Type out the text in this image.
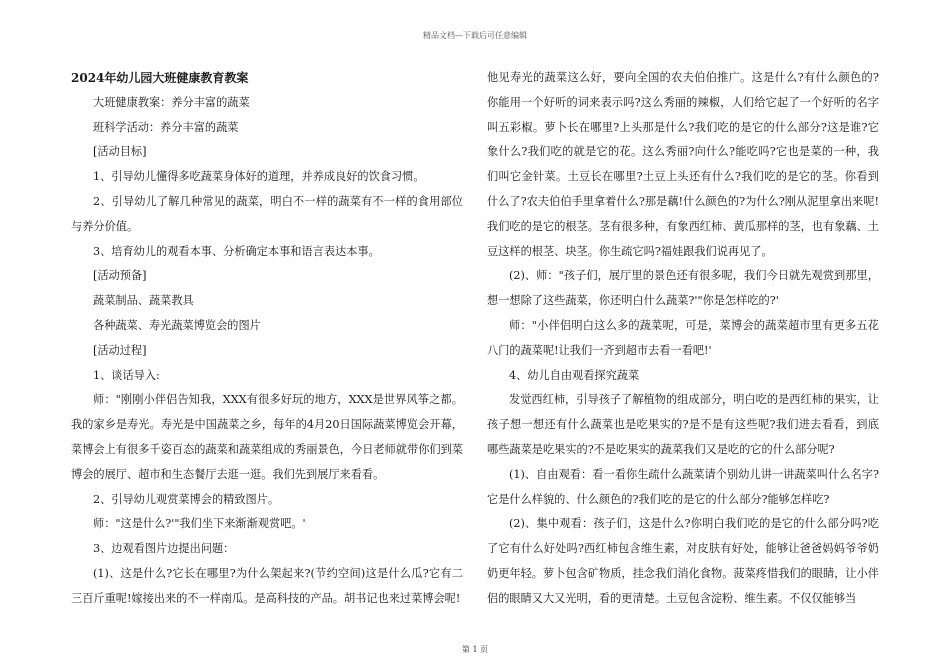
精品文档—下载后可任意编辑

2024年幼儿园大班健康教育教案

大班健康教案：养分丰富的蔬菜

班科学活动：养分丰富的蔬菜

[活动目标]

1、引导幼儿懂得多吃蔬菜身体好的道理，并养成良好的饮食习惯。

2、引导幼儿了解几种常见的蔬菜，明白不一样的蔬菜有不一样的食用部位与养分价值。

3、培育幼儿的观看本事、分析确定本事和语言表达本事。

[活动预备]

蔬菜制品、蔬菜教具

各种蔬菜、寿光蔬菜博览会的图片

[活动过程]

1、谈话导入:

师："刚刚小伴侣告知我，XXX有很多好玩的地方，XXX是世界风筝之都。我的家乡是寿光。寿光是中国蔬菜之乡，每年的4月20日国际蔬菜博览会开幕，菜博会上有很多千姿百态的蔬菜和蔬菜组成的秀丽景色，今日老师就带你们到菜博会的展厅、超市和生态餐厅去逛一逛。我们先到展厅来看看。

2、引导幼儿观赏菜博会的精致图片。

师："这是什么?'"我们坐下来渐渐观赏吧。'

3、边观看图片边提出问题：

(1)、这是什么?它长在哪里?为什么架起来?(节约空间)这是什么瓜?它有二三百斤重呢!嫁接出来的不一样南瓜。是高科技的产品。胡书记也来过菜博会呢!

他见寿光的蔬菜这么好，要向全国的农夫伯伯推广。这是什么?有什么颜色的?你能用一个好听的词来表示吗?这么秀丽的辣椒，人们给它起了一个好听的名字叫五彩椒。萝卜长在哪里?上头那是什么?我们吃的是它的什么部分?这是谁?它象什么?我们吃的就是它的花。这么秀丽?向什么?能吃吗?它也是菜的一种，我们叫它金针菜。土豆长在哪里?土豆上头还有什么?我们吃的是它的茎。你看到什么了?农夫伯伯手里拿着什么?那是藕!什么颜色的?为什么?刚从泥里拿出来呢!我们吃的是它的根茎。茎有很多种，有象西红柿、黄瓜那样的茎，也有象藕、土豆这样的根茎、块茎。你生疏它吗?福娃跟我们说再见了。

(2)、师："孩子们，展厅里的景色还有很多呢，我们今日就先观赏到那里，想一想除了这些蔬菜，你还明白什么蔬菜?'"你是怎样吃的?'

师："小伴侣明白这么多的蔬菜呢，可是，菜博会的蔬菜超市里有更多五花八门的蔬菜呢!让我们一齐到超市去看一看吧!'

4、幼儿自由观看探究蔬菜

发觉西红柿，引导孩子了解植物的组成部分，明白吃的是西红柿的果实，让孩子想一想还有什么蔬菜也是吃果实的?是不是有这些呢?我们进去看看，到底哪些蔬菜是吃果实的?不是吃果实的蔬菜我们又是吃的它的什么部分呢?

(1)、自由观看：看一看你生疏什么蔬菜请个别幼儿讲一讲蔬菜叫什么名字?它是什么样貌的、什么颜色的?我们吃的是它的什么部分?能够怎样吃?

(2)、集中观看：孩子们，这是什么?你明白我们吃的是它的什么部分吗?吃了它有什么好处吗?西红柿包含维生素，对皮肤有好处，能够让爸爸妈妈爷爷奶奶更年轻。萝卜包含矿物质，挂念我们消化食物。菠菜疼惜我们的眼睛，让小伴侣的眼睛又大又光明，看的更清楚。土豆包含淀粉、维生素。不仅仅能够当

第 1 页
